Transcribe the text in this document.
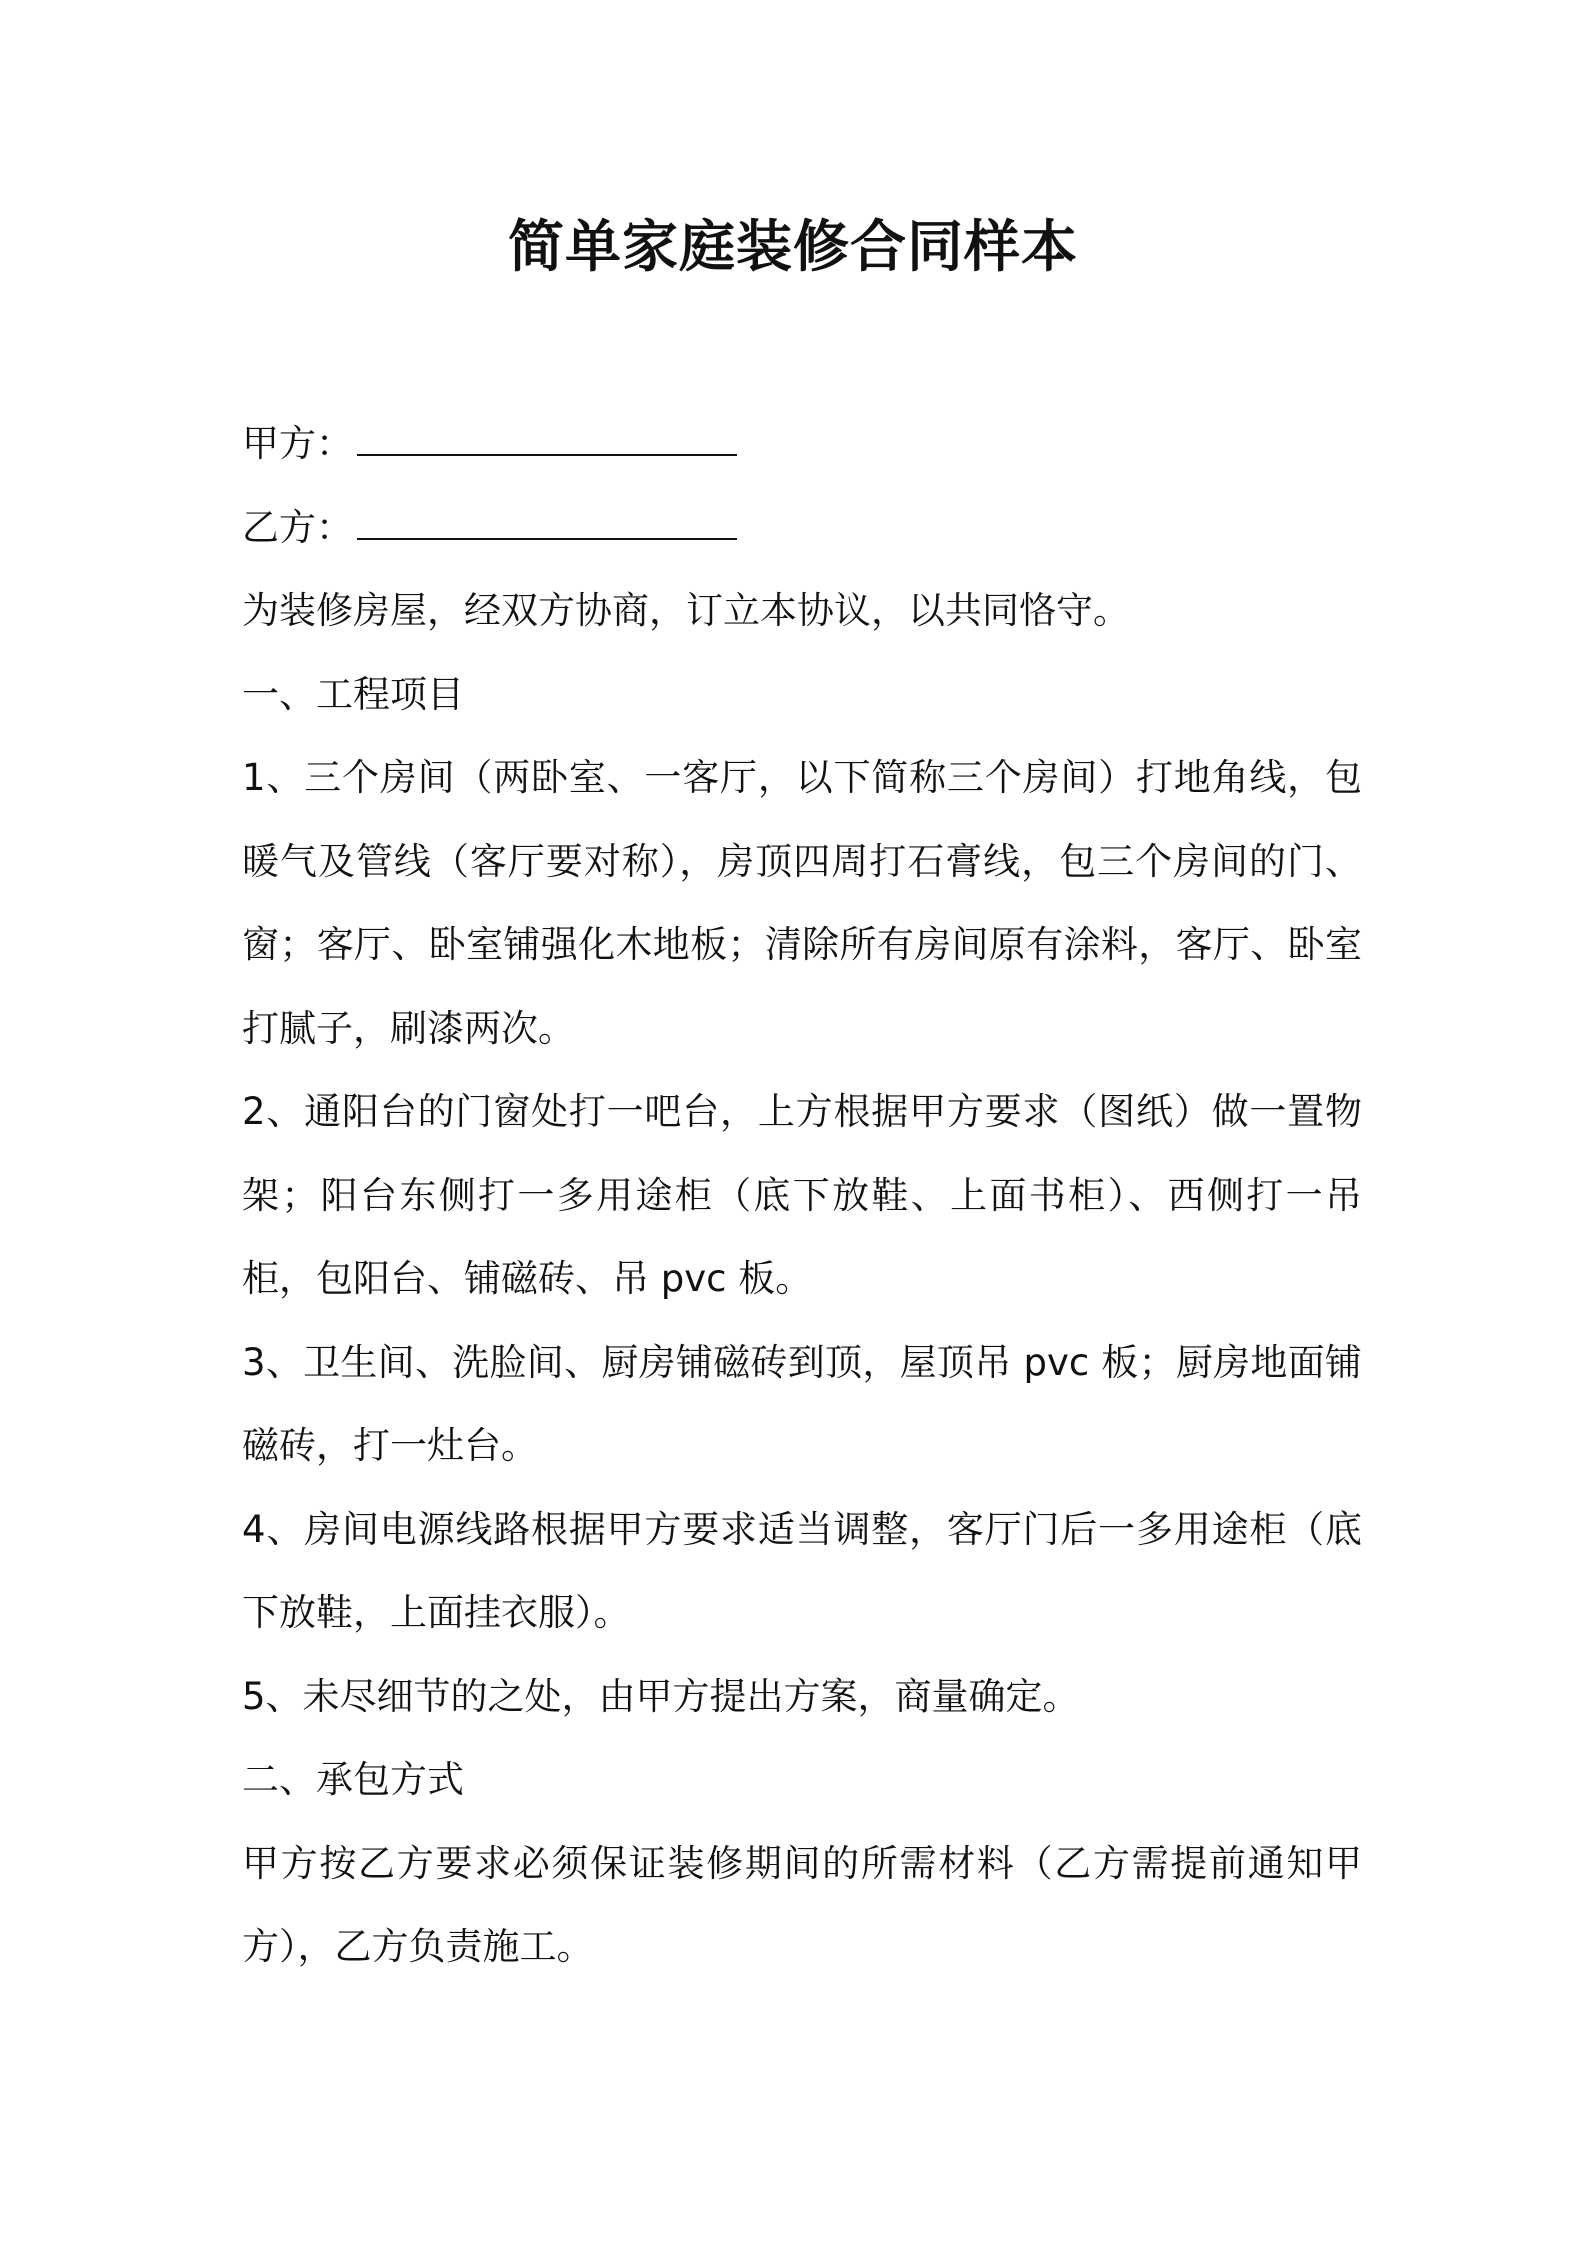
简单家庭装修合同样本

甲方：

乙方：

为装修房屋，经双方协商，订立本协议，以共同恪守。

一、工程项目

1、三个房间（两卧室、一客厅，以下简称三个房间）打地角线，包暖气及管线（客厅要对称），房顶四周打石膏线，包三个房间的门、窗；客厅、卧室铺强化木地板；清除所有房间原有涂料，客厅、卧室打腻子，刷漆两次。

2、通阳台的门窗处打一吧台，上方根据甲方要求（图纸）做一置物架；阳台东侧打一多用途柜（底下放鞋、上面书柜）、西侧打一吊柜，包阳台、铺磁砖、吊 pvc 板。

3、卫生间、洗脸间、厨房铺磁砖到顶，屋顶吊 pvc 板；厨房地面铺磁砖，打一灶台。

4、房间电源线路根据甲方要求适当调整，客厅门后一多用途柜（底下放鞋，上面挂衣服）。

5、未尽细节的之处，由甲方提出方案，商量确定。

二、承包方式

甲方按乙方要求必须保证装修期间的所需材料（乙方需提前通知甲方），乙方负责施工。
